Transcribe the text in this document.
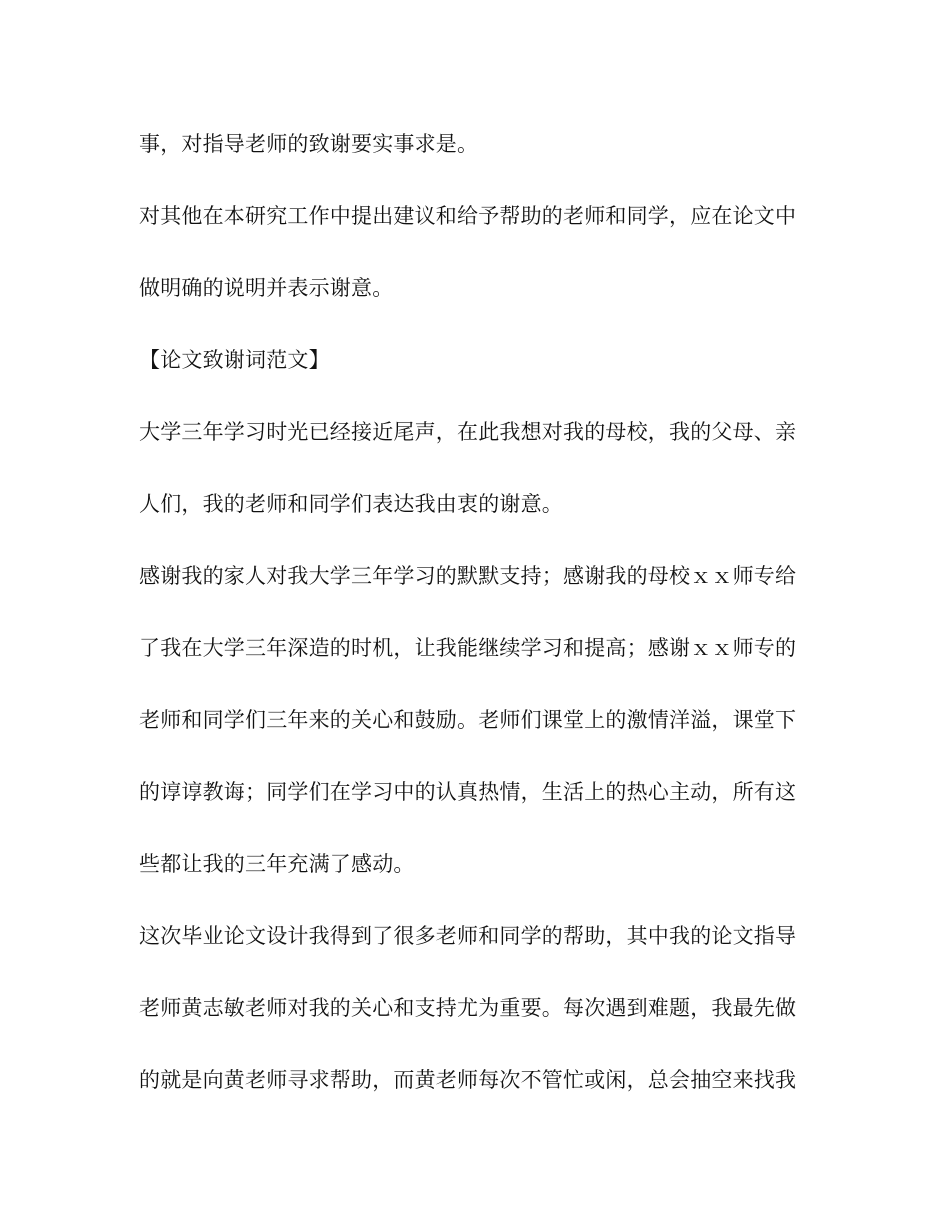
事，对指导老师的致谢要实事求是。
对其他在本研究工作中提出建议和给予帮助的老师和同学，应在论文中
做明确的说明并表示谢意。
【论文致谢词范文】
大学三年学习时光已经接近尾声，在此我想对我的母校，我的父母、亲
人们，我的老师和同学们表达我由衷的谢意。
感谢我的家人对我大学三年学习的默默支持；感谢我的母校ｘｘ师专给
了我在大学三年深造的时机，让我能继续学习和提高；感谢ｘｘ师专的
老师和同学们三年来的关心和鼓励。老师们课堂上的激情洋溢，课堂下
的谆谆教诲；同学们在学习中的认真热情，生活上的热心主动，所有这
些都让我的三年充满了感动。
这次毕业论文设计我得到了很多老师和同学的帮助，其中我的论文指导
老师黄志敏老师对我的关心和支持尤为重要。每次遇到难题，我最先做
的就是向黄老师寻求帮助，而黄老师每次不管忙或闲，总会抽空来找我
